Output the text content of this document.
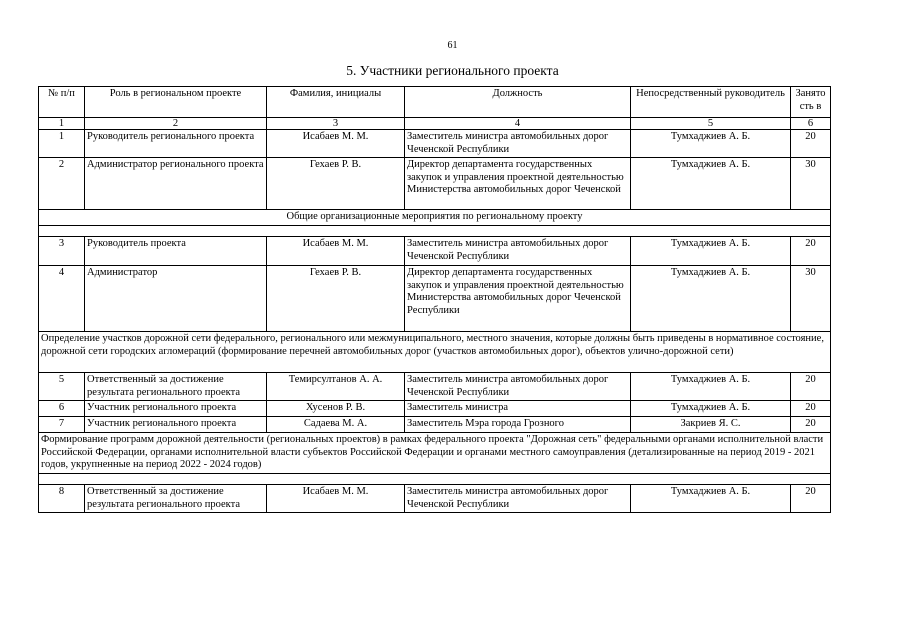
61
5. Участники регионального проекта
№ п/п	Роль в региональном проекте	Фамилия, инициалы	Должность	Непосредственный руководитель	Занято сть в
1	2	3	4	5	6
1	Руководитель регионального проекта	Исабаев М. М.	Заместитель министра автомобильных дорог Чеченской Республики	Тумхаджиев А. Б.	20
2	Администратор регионального проекта	Гехаев Р. В.	Директор департамента государственных закупок и управления проектной деятельностью Министерства автомобильных дорог Чеченской	Тумхаджиев А. Б.	30
Общие организационные мероприятия по региональному проекту					

3	Руководитель проекта	Исабаев М. М.	Заместитель министра автомобильных дорог Чеченской Республики	Тумхаджиев А. Б.	20
4	Администратор	Гехаев Р. В.	Директор департамента государственных закупок и управления проектной деятельностью Министерства автомобильных дорог Чеченской Республики	Тумхаджиев А. Б.	30
Определение участков дорожной сети федерального, регионального или межмуниципального, местного значения, которые должны быть приведены в нормативное состояние, дорожной сети городских агломераций (формирование перечней автомобильных дорог (участков автомобильных дорог), объектов улично-дорожной сети)					
5	Ответственный за достижение результата регионального проекта	Темирсултанов А. А.	Заместитель министра автомобильных дорог Чеченской Республики	Тумхаджиев А. Б.	20
6	Участник регионального проекта	Хусенов Р. В.	Заместитель министра	Тумхаджиев А. Б.	20
7	Участник регионального проекта	Садаева М. А.	Заместитель Мэра города Грозного	Закриев Я. С.	20
Формирование программ дорожной деятельности (региональных проектов) в рамках федерального проекта "Дорожная сеть" федеральными органами исполнительной власти Российской Федерации, органами исполнительной власти субъектов Российской Федерации и органами местного самоуправления (детализированные на период 2019 - 2021 годов, укрупненные на период 2022 - 2024 годов)					

8	Ответственный за достижение результата регионального проекта	Исабаев М. М.	Заместитель министра автомобильных дорог Чеченской Республики	Тумхаджиев А. Б.	20
